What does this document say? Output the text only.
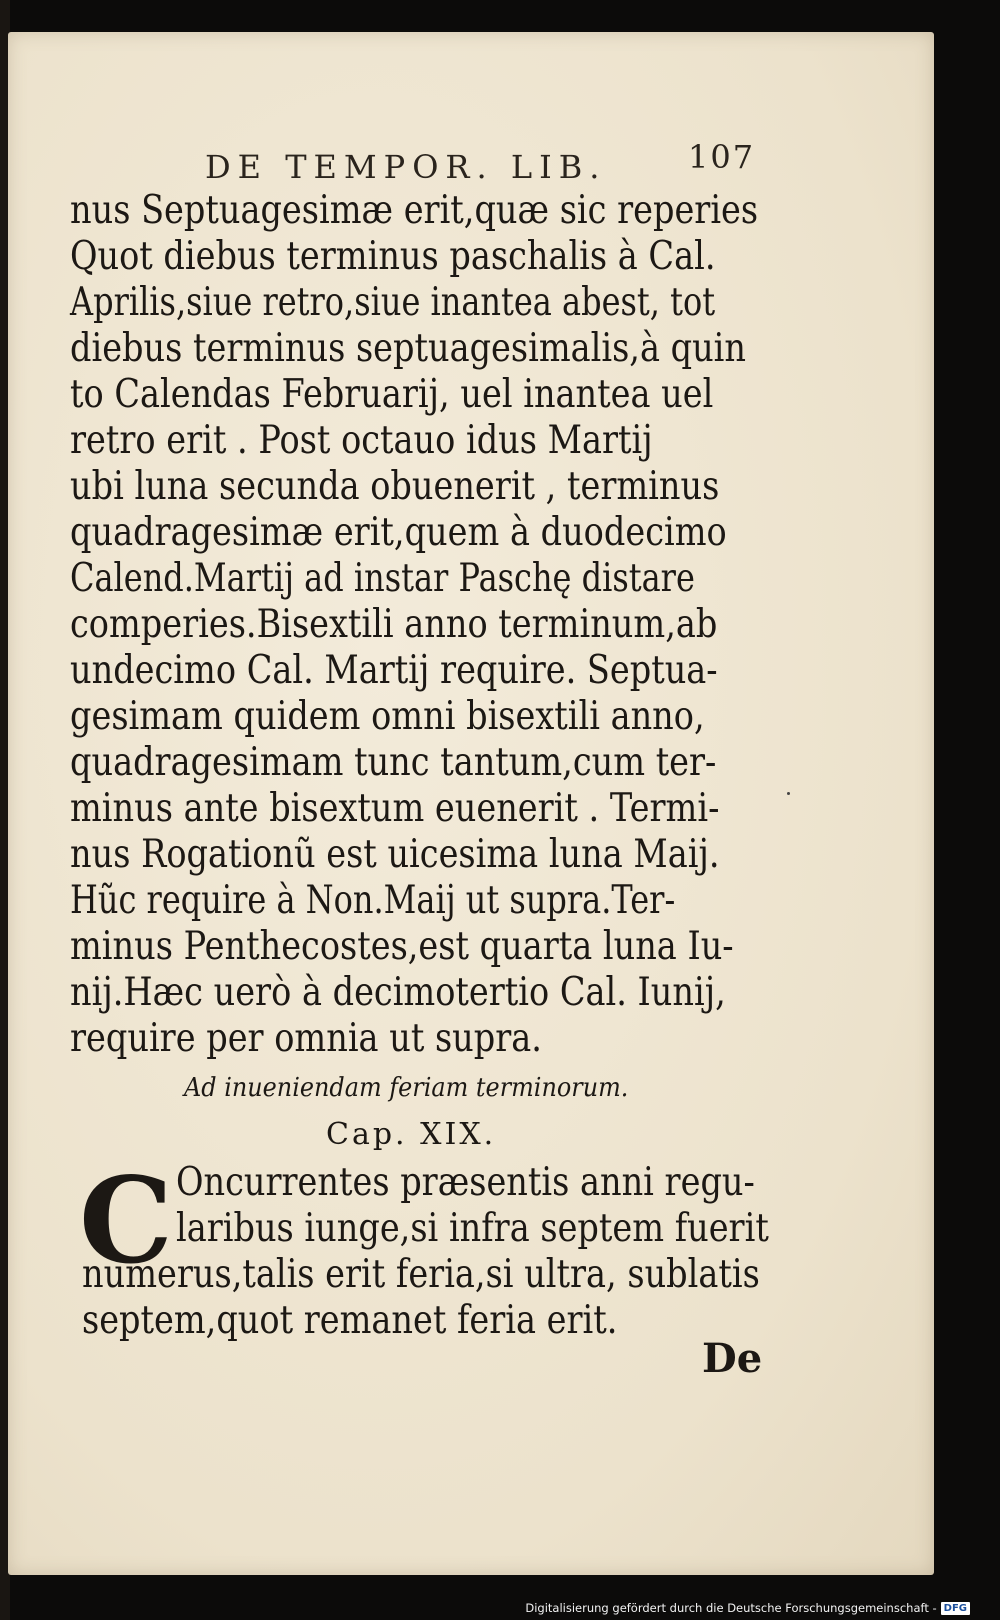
DE TEMPOR. LIB.	107
nus Septuagesimæ erit,quæ sic reperies
Quot diebus terminus paschalis à Cal.
Aprilis,siue retro,siue inantea abest, tot
diebus terminus septuagesimalis,à quin
to Calendas Februarij, uel inantea uel
retro erit . Post octauo idus Martij
ubi luna secunda obuenerit , terminus
quadragesimæ erit,quem à duodecimo
Calend.Martij ad instar Paschę distare
comperies.Bisextili anno terminum,ab
undecimo Cal. Martij require. Septua-
gesimam quidem omni bisextili anno,
quadragesimam tunc tantum,cum ter-
minus ante bisextum euenerit . Termi-
nus Rogationũ est uicesima luna Maij.
Hũc require à Non.Maij ut supra.Ter-
minus Penthecostes,est quarta luna Iu-
nij.Hæc uerò à decimotertio Cal. Iunij,
require per omnia ut supra.
Ad inueniendam feriam terminorum.
Cap. XIX.
C Oncurrentes præsentis anni regu-
laribus iunge,si infra septem fuerit
numerus,talis erit feria,si ultra, sublatis
septem,quot remanet feria erit.
De
Digitalisierung gefördert durch die Deutsche Forschungsgemeinschaft - DFG
